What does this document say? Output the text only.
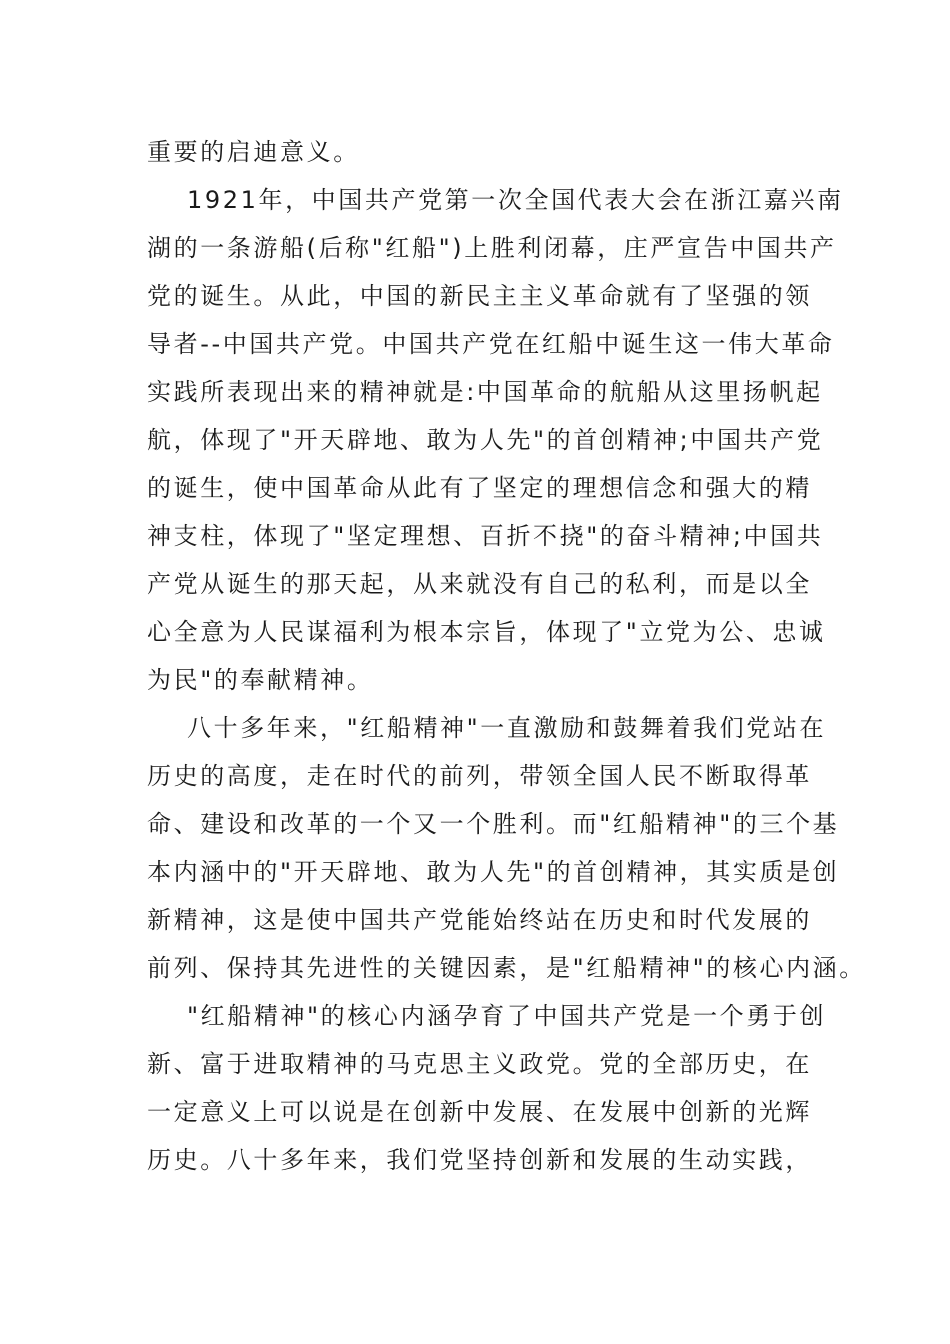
重要的启迪意义。
1921年，中国共产党第一次全国代表大会在浙江嘉兴南
湖的一条游船(后称"红船")上胜利闭幕，庄严宣告中国共产
党的诞生。从此，中国的新民主主义革命就有了坚强的领
导者--中国共产党。中国共产党在红船中诞生这一伟大革命
实践所表现出来的精神就是:中国革命的航船从这里扬帆起
航，体现了"开天辟地、敢为人先"的首创精神;中国共产党
的诞生，使中国革命从此有了坚定的理想信念和强大的精
神支柱，体现了"坚定理想、百折不挠"的奋斗精神;中国共
产党从诞生的那天起，从来就没有自己的私利，而是以全
心全意为人民谋福利为根本宗旨，体现了"立党为公、忠诚
为民"的奉献精神。
八十多年来，"红船精神"一直激励和鼓舞着我们党站在
历史的高度，走在时代的前列，带领全国人民不断取得革
命、建设和改革的一个又一个胜利。而"红船精神"的三个基
本内涵中的"开天辟地、敢为人先"的首创精神，其实质是创
新精神，这是使中国共产党能始终站在历史和时代发展的
前列、保持其先进性的关键因素，是"红船精神"的核心内涵。
"红船精神"的核心内涵孕育了中国共产党是一个勇于创
新、富于进取精神的马克思主义政党。党的全部历史，在
一定意义上可以说是在创新中发展、在发展中创新的光辉
历史。八十多年来，我们党坚持创新和发展的生动实践，
